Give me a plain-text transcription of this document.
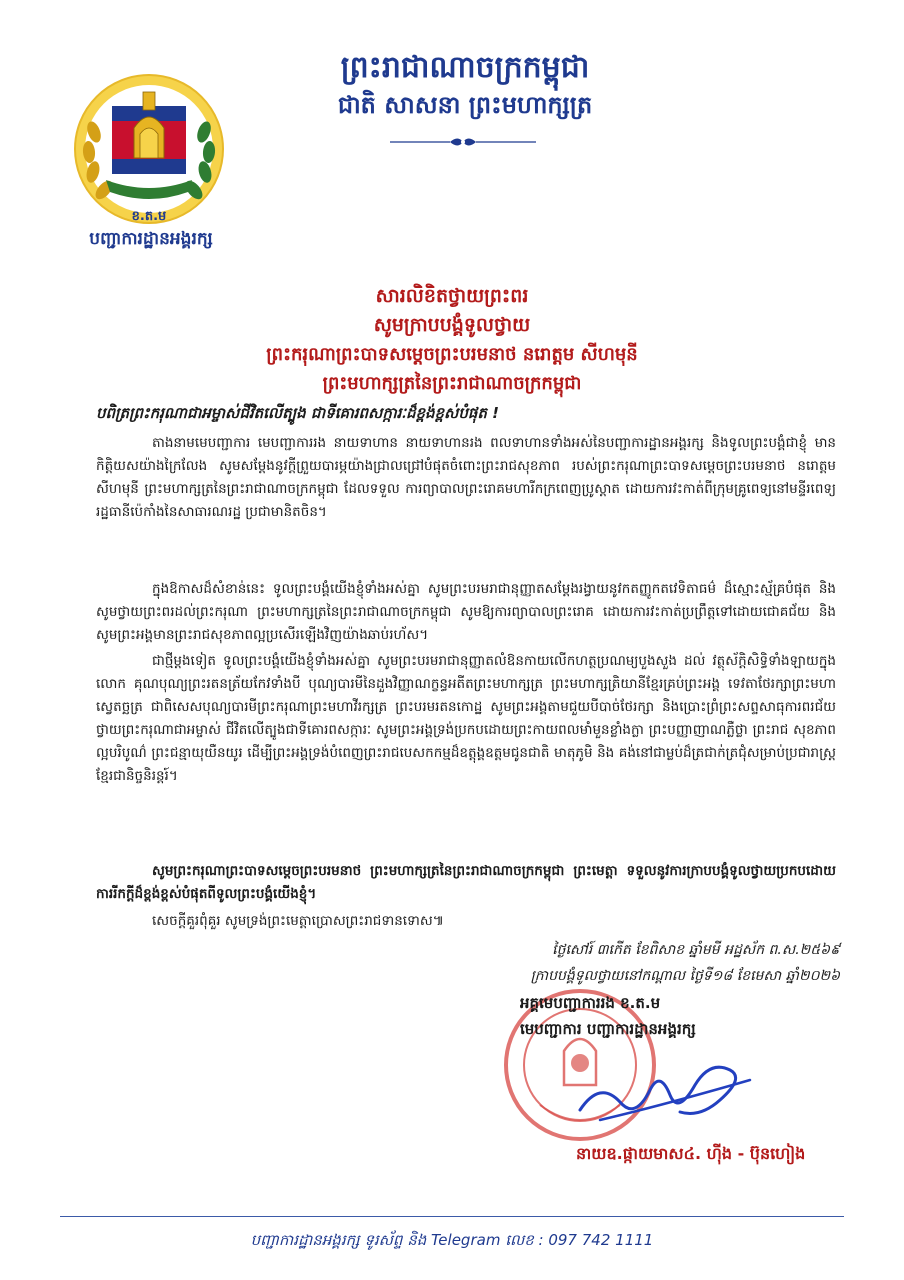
ព្រះរាជាណាចក្រកម្ពុជា
ជាតិ សាសនា ព្រះមហាក្សត្រ
ខ.ត.ម
បញ្ជាការដ្ឋានអង្គរក្ស
សារលិខិតថ្វាយព្រះពរ
សូមក្រាបបង្គំទូលថ្វាយ
ព្រះករុណាព្រះបាទសម្តេចព្រះបរមនាថ នរោត្តម សីហមុនី
ព្រះមហាក្សត្រនៃព្រះរាជាណាចក្រកម្ពុជា
បពិត្រព្រះករុណាជាអម្ចាស់ជីវិតលើត្បូង ជាទីគោរពសក្ការៈដ៏ខ្ពង់ខ្ពស់បំផុត !
តាងនាមមេបញ្ជាការ មេបញ្ជាការរង នាយទាហាន នាយទាហានរង ពលទាហានទាំងអស់នៃបញ្ជាការដ្ឋានអង្គរក្ស និងទូលព្រះបង្គំជាខ្ញុំ មានកិត្តិយសយ៉ាងក្រៃលែង សូមសម្តែងនូវក្តីព្រួយបារម្ភយ៉ាងជ្រាលជ្រៅបំផុតចំពោះព្រះរាជសុខភាព របស់ព្រះករុណាព្រះបាទសម្តេចព្រះបរមនាថ នរោត្តម សីហមុនី ព្រះមហាក្សត្រនៃព្រះរាជាណាចក្រកម្ពុជា ដែលទទួល ការព្យាបាលព្រះរោគមហារីកក្រពេញប្រូស្តាត ដោយការវះកាត់ពីក្រុមគ្រូពេទ្យនៅមន្ទីរពេទ្យរដ្ឋធានីប៉េកាំងនៃសាធារណរដ្ឋ ប្រជាមានិតចិន។
ក្នុងឱកាសដ៏សំខាន់នេះ ទូលព្រះបង្គំយើងខ្ញុំទាំងអស់គ្នា សូមព្រះបរមរាជានុញ្ញាតសម្តែងរង្វាយនូវកតញ្ញូកតវេទិតាធម៌ ដ៏ស្មោះស្ម័គ្របំផុត និងសូមថ្វាយព្រះពរដល់ព្រះករុណា ព្រះមហាក្សត្រនៃព្រះរាជាណាចក្រកម្ពុជា សូមឱ្យការព្យាបាលព្រះរោគ ដោយការវះកាត់ប្រព្រឹត្តទៅដោយជោគជ័យ និងសូមព្រះអង្គមានព្រះរាជសុខភាពល្អប្រសើរឡើងវិញយ៉ាងឆាប់រហ័ស។
ជាថ្មីម្តងទៀត ទូលព្រះបង្គំយើងខ្ញុំទាំងអស់គ្នា សូមព្រះបរមរាជានុញ្ញាតលំឱនកាយលើកហត្ថប្រណម្យបួងសួង ដល់ វត្ថុស័ក្តិសិទ្ធិទាំងឡាយក្នុងលោក គុណបុណ្យព្រះរតនត្រ័យកែវទាំងបី បុណ្យបារមីនៃដួងវិញ្ញាណក្ខន្ធអតីតព្រះមហាក្សត្រ ព្រះមហាក្សត្រិយានីខ្មែរគ្រប់ព្រះអង្គ ទេវតាថែរក្សាព្រះមហាស្វេតច្ឆត្រ ជាពិសេសបុណ្យបារមីព្រះករុណាព្រះមហាវីរក្សត្រ ព្រះបរមរតនកោដ្ឋ សូមព្រះអង្គតាមជួយបីបាច់ថែរក្សា និងប្រោះព្រំព្រះសព្ទសាធុការពរជ័យថ្វាយព្រះករុណាជាអម្ចាស់ ជីវិតលើត្បូងជាទីគោរពសក្ការៈ សូមព្រះអង្គទ្រង់ប្រកបដោយព្រះកាយពលមាំមួនខ្លាំងក្លា ព្រះបញ្ញាញាណភ្លឺថ្លា ព្រះរាជ សុខភាពល្អបរិបូណ៌ ព្រះជន្មាយុយឺនយូរ ដើម្បីព្រះអង្គទ្រង់បំពេញព្រះរាជបេសកកម្មដ៏ឧត្តុង្គឧត្តមជូនជាតិ មាតុភូមិ និង គង់នៅជាម្លប់ដ៏ត្រជាក់ត្រជុំសម្រាប់ប្រជារាស្ត្រខ្មែរជានិច្ចនិរន្តរ៍។
សូមព្រះករុណាព្រះបាទសម្តេចព្រះបរមនាថ ព្រះមហាក្សត្រនៃព្រះរាជាណាចក្រកម្ពុជា ព្រះមេត្តា ទទួលនូវការក្រាបបង្គំទូលថ្វាយប្រកបដោយការរីកក្តីដ៏ខ្ពង់ខ្ពស់បំផុតពីទូលព្រះបង្គំយើងខ្ញុំ។
សេចក្តីគួរពុំគួរ សូមទ្រង់ព្រះមេត្តាប្រោសព្រះរាជទានទោស៕
ថ្ងៃសៅរ៍ ៣កើត ខែពិសាខ ឆ្នាំមមី អដ្ឋស័ក ព.ស.២៥៦៩
ក្រាបបង្គំទូលថ្វាយនៅកណ្តាល ថ្ងៃទី១៨ ខែមេសា ឆ្នាំ២០២៦
អគ្គមេបញ្ជាការរង ខ.ត.ម
មេបញ្ជាការ បញ្ជាការដ្ឋានអង្គរក្ស
នាយឧ.ផ្កាយមាស៤. ហ៊ីង - ប៊ុនហៀង
បញ្ជាការដ្ឋានអង្គរក្ស ទូរស័ព្ទ និង Telegram លេខ : 097 742 1111
